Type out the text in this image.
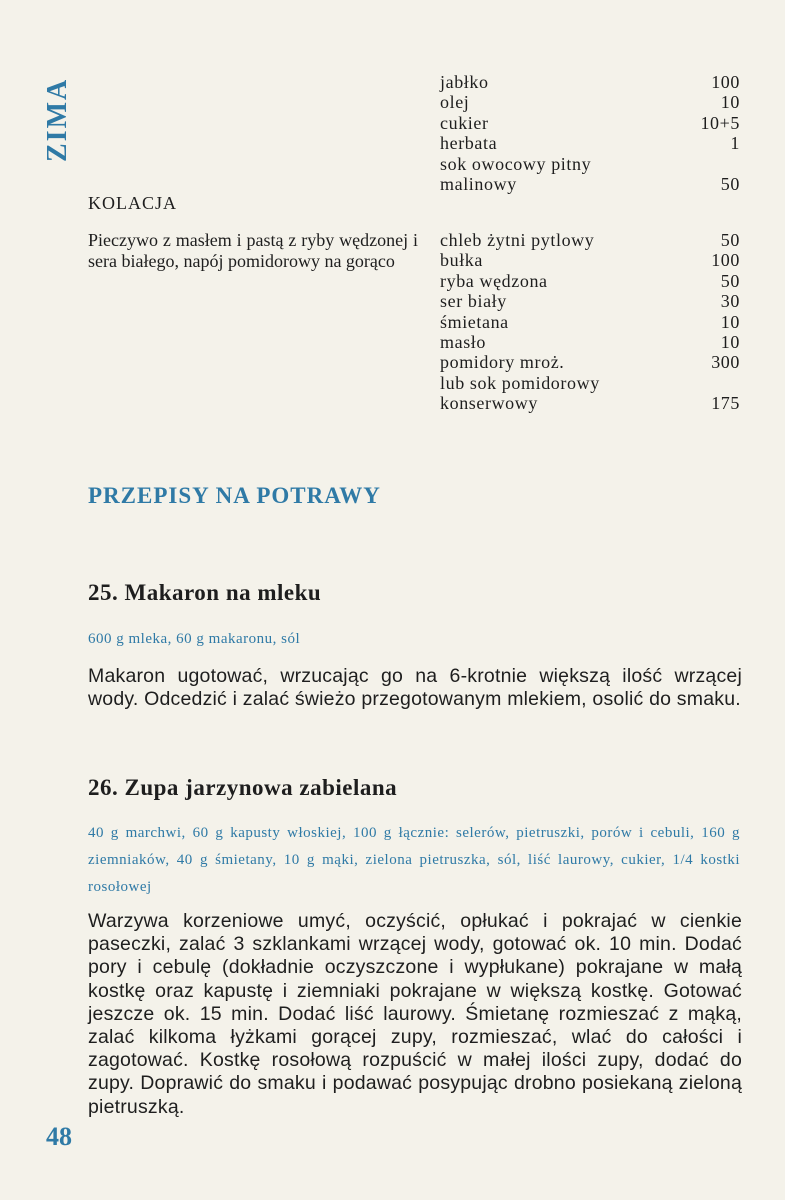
ZIMA	jabłko	100
olej	10
cukier	10+5
herbata	1
sok owocowy pitny
malinowy	50
KOLACJA
Pieczywo z masłem i pastą z ryby wędzonej i sera białego, napój pomidorowy na gorąco
chleb żytni pytlowy	50
bułka	100
ryba wędzona	50
ser biały	30
śmietana	10
masło	10
pomidory mroż.	300
lub sok pomidorowy
konserwowy	175
PRZEPISY NA POTRAWY
25. Makaron na mleku
600 g mleka, 60 g makaronu, sól
Makaron ugotować, wrzucając go na 6-krotnie większą ilość wrzącej wody. Odcedzić i zalać świeżo przegotowanym mlekiem, osolić do smaku.
26. Zupa jarzynowa zabielana
40 g marchwi, 60 g kapusty włoskiej, 100 g łącznie: selerów, pietruszki, porów i cebuli, 160 g ziemniaków, 40 g śmietany, 10 g mąki, zielona pietruszka, sól, liść laurowy, cukier, 1/4 kostki rosołowej
Warzywa korzeniowe umyć, oczyścić, opłukać i pokrajać w cienkie paseczki, zalać 3 szklankami wrzącej wody, gotować ok. 10 min. Dodać pory i cebulę (dokładnie oczyszczone i wypłukane) pokrajane w małą kostkę oraz kapustę i ziemniaki pokrajane w większą kostkę. Gotować jeszcze ok. 15 min. Dodać liść laurowy. Śmietanę rozmieszać z mąką, zalać kilkoma łyżkami gorącej zupy, rozmieszać, wlać do całości i zagotować. Kostkę rosołową rozpuścić w małej ilości zupy, dodać do zupy. Doprawić do smaku i podawać posypując drobno posiekaną zieloną pietruszką.
48
